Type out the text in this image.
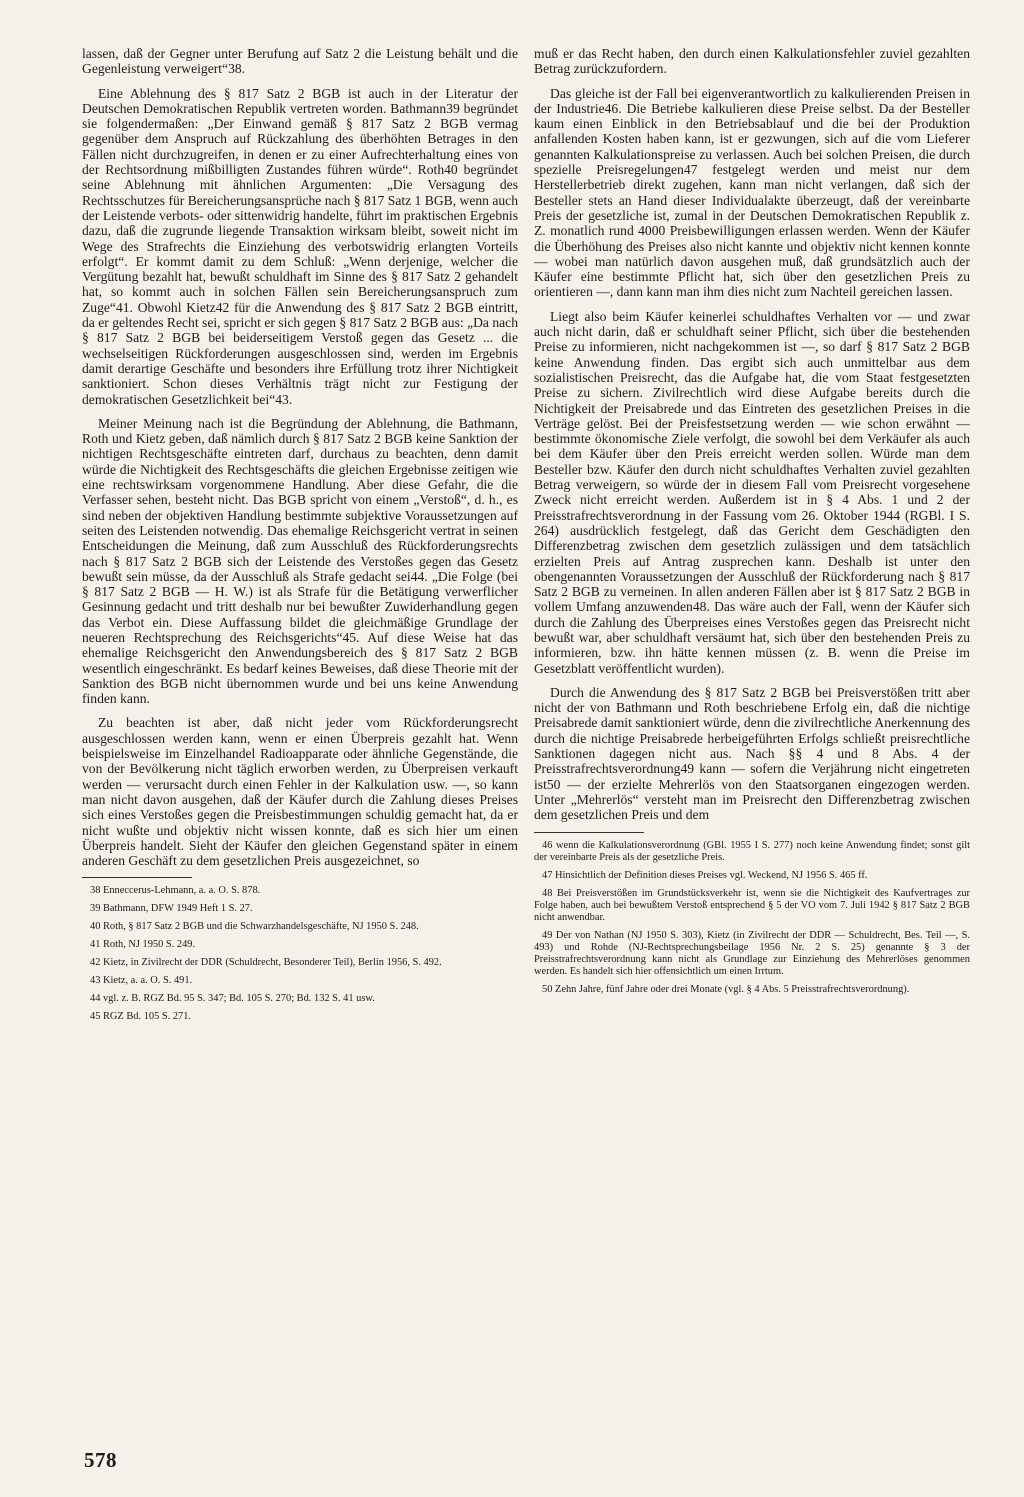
lassen, daß der Gegner unter Berufung auf Satz 2 die Leistung behält und die Gegenleistung verweigert“38.

Eine Ablehnung des § 817 Satz 2 BGB ist auch in der Literatur der Deutschen Demokratischen Republik vertreten worden. Bathmann39 begründet sie folgendermaßen: „Der Einwand gemäß § 817 Satz 2 BGB vermag gegenüber dem Anspruch auf Rückzahlung des überhöhten Betrages in den Fällen nicht durchzugreifen, in denen er zu einer Aufrechterhaltung eines von der Rechtsordnung mißbilligten Zustandes führen würde“. Roth40 begründet seine Ablehnung mit ähnlichen Argumenten: „Die Versagung des Rechtsschutzes für Bereicherungsansprüche nach § 817 Satz 1 BGB, wenn auch der Leistende verbots- oder sittenwidrig handelte, führt im praktischen Ergebnis dazu, daß die zugrunde liegende Transaktion wirksam bleibt, soweit nicht im Wege des Strafrechts die Einziehung des verbotswidrig erlangten Vorteils erfolgt“. Er kommt damit zu dem Schluß: „Wenn derjenige, welcher die Vergütung bezahlt hat, bewußt schuldhaft im Sinne des § 817 Satz 2 gehandelt hat, so kommt auch in solchen Fällen sein Bereicherungsanspruch zum Zuge“41. Obwohl Kietz42 für die Anwendung des § 817 Satz 2 BGB eintritt, da er geltendes Recht sei, spricht er sich gegen § 817 Satz 2 BGB aus: „Da nach § 817 Satz 2 BGB bei beiderseitigem Verstoß gegen das Gesetz ... die wechselseitigen Rückforderungen ausgeschlossen sind, werden im Ergebnis damit derartige Geschäfte und besonders ihre Erfüllung trotz ihrer Nichtigkeit sanktioniert. Schon dieses Verhältnis trägt nicht zur Festigung der demokratischen Gesetzlichkeit bei“43.

Meiner Meinung nach ist die Begründung der Ablehnung, die Bathmann, Roth und Kietz geben, daß nämlich durch § 817 Satz 2 BGB keine Sanktion der nichtigen Rechtsgeschäfte eintreten darf, durchaus zu beachten, denn damit würde die Nichtigkeit des Rechtsgeschäfts die gleichen Ergebnisse zeitigen wie eine rechtswirksam vorgenommene Handlung. Aber diese Gefahr, die die Verfasser sehen, besteht nicht. Das BGB spricht von einem „Verstoß“, d. h., es sind neben der objektiven Handlung bestimmte subjektive Voraussetzungen auf seiten des Leistenden notwendig. Das ehemalige Reichsgericht vertrat in seinen Entscheidungen die Meinung, daß zum Ausschluß des Rückforderungsrechts nach § 817 Satz 2 BGB sich der Leistende des Verstoßes gegen das Gesetz bewußt sein müsse, da der Ausschluß als Strafe gedacht sei44. „Die Folge (bei § 817 Satz 2 BGB — H. W.) ist als Strafe für die Betätigung verwerflicher Gesinnung gedacht und tritt deshalb nur bei bewußter Zuwiderhandlung gegen das Verbot ein. Diese Auffassung bildet die gleichmäßige Grundlage der neueren Rechtsprechung des Reichsgerichts“45. Auf diese Weise hat das ehemalige Reichsgericht den Anwendungsbereich des § 817 Satz 2 BGB wesentlich eingeschränkt. Es bedarf keines Beweises, daß diese Theorie mit der Sanktion des BGB nicht übernommen wurde und bei uns keine Anwendung finden kann.

Zu beachten ist aber, daß nicht jeder vom Rückforderungsrecht ausgeschlossen werden kann, wenn er einen Überpreis gezahlt hat. Wenn beispielsweise im Einzelhandel Radioapparate oder ähnliche Gegenstände, die von der Bevölkerung nicht täglich erworben werden, zu Überpreisen verkauft werden — verursacht durch einen Fehler in der Kalkulation usw. —, so kann man nicht davon ausgehen, daß der Käufer durch die Zahlung dieses Preises sich eines Verstoßes gegen die Preisbestimmungen schuldig gemacht hat, da er nicht wußte und objektiv nicht wissen konnte, daß es sich hier um einen Überpreis handelt. Sieht der Käufer den gleichen Gegenstand später in einem anderen Geschäft zu dem gesetzlichen Preis ausgezeichnet, so

38 Enneccerus-Lehmann, a. a. O. S. 878.
39 Bathmann, DFW 1949 Heft 1 S. 27.
40 Roth, § 817 Satz 2 BGB und die Schwarzhandelsgeschäfte, NJ 1950 S. 248.
41 Roth, NJ 1950 S. 249.
42 Kietz, in Zivilrecht der DDR (Schuldrecht, Besonderer Teil), Berlin 1956, S. 492.
43 Kietz, a. a. O. S. 491.
44 vgl. z. B. RGZ Bd. 95 S. 347; Bd. 105 S. 270; Bd. 132 S. 41 usw.
45 RGZ Bd. 105 S. 271.

muß er das Recht haben, den durch einen Kalkulationsfehler zuviel gezahlten Betrag zurückzufordern.

Das gleiche ist der Fall bei eigenverantwortlich zu kalkulierenden Preisen in der Industrie46. Die Betriebe kalkulieren diese Preise selbst. Da der Besteller kaum einen Einblick in den Betriebsablauf und die bei der Produktion anfallenden Kosten haben kann, ist er gezwungen, sich auf die vom Lieferer genannten Kalkulationspreise zu verlassen. Auch bei solchen Preisen, die durch spezielle Preisregelungen47 festgelegt werden und meist nur dem Herstellerbetrieb direkt zugehen, kann man nicht verlangen, daß sich der Besteller stets an Hand dieser Individualakte überzeugt, daß der vereinbarte Preis der gesetzliche ist, zumal in der Deutschen Demokratischen Republik z. Z. monatlich rund 4000 Preisbewilligungen erlassen werden. Wenn der Käufer die Überhöhung des Preises also nicht kannte und objektiv nicht kennen konnte — wobei man natürlich davon ausgehen muß, daß grundsätzlich auch der Käufer eine bestimmte Pflicht hat, sich über den gesetzlichen Preis zu orientieren —, dann kann man ihm dies nicht zum Nachteil gereichen lassen.

Liegt also beim Käufer keinerlei schuldhaftes Verhalten vor — und zwar auch nicht darin, daß er schuldhaft seiner Pflicht, sich über die bestehenden Preise zu informieren, nicht nachgekommen ist —, so darf § 817 Satz 2 BGB keine Anwendung finden. Das ergibt sich auch unmittelbar aus dem sozialistischen Preisrecht, das die Aufgabe hat, die vom Staat festgesetzten Preise zu sichern. Zivilrechtlich wird diese Aufgabe bereits durch die Nichtigkeit der Preisabrede und das Eintreten des gesetzlichen Preises in die Verträge gelöst. Bei der Preisfestsetzung werden — wie schon erwähnt — bestimmte ökonomische Ziele verfolgt, die sowohl bei dem Verkäufer als auch bei dem Käufer über den Preis erreicht werden sollen. Würde man dem Besteller bzw. Käufer den durch nicht schuldhaftes Verhalten zuviel gezahlten Betrag verweigern, so würde der in diesem Fall vom Preisrecht vorgesehene Zweck nicht erreicht werden. Außerdem ist in § 4 Abs. 1 und 2 der Preisstrafrechtsverordnung in der Fassung vom 26. Oktober 1944 (RGBl. I S. 264) ausdrücklich festgelegt, daß das Gericht dem Geschädigten den Differenzbetrag zwischen dem gesetzlich zulässigen und dem tatsächlich erzielten Preis auf Antrag zusprechen kann. Deshalb ist unter den obengenannten Voraussetzungen der Ausschluß der Rückforderung nach § 817 Satz 2 BGB zu verneinen. In allen anderen Fällen aber ist § 817 Satz 2 BGB in vollem Umfang anzuwenden48. Das wäre auch der Fall, wenn der Käufer sich durch die Zahlung des Überpreises eines Verstoßes gegen das Preisrecht nicht bewußt war, aber schuldhaft versäumt hat, sich über den bestehenden Preis zu informieren, bzw. ihn hätte kennen müssen (z. B. wenn die Preise im Gesetzblatt veröffentlicht wurden).

Durch die Anwendung des § 817 Satz 2 BGB bei Preisverstößen tritt aber nicht der von Bathmann und Roth beschriebene Erfolg ein, daß die nichtige Preisabrede damit sanktioniert würde, denn die zivilrechtliche Anerkennung des durch die nichtige Preisabrede herbeigeführten Erfolgs schließt preisrechtliche Sanktionen dagegen nicht aus. Nach §§ 4 und 8 Abs. 4 der Preisstrafrechtsverordnung49 kann — sofern die Verjährung nicht eingetreten ist50 — der erzielte Mehrerlös von den Staatsorganen eingezogen werden. Unter „Mehrerlös“ versteht man im Preisrecht den Differenzbetrag zwischen dem gesetzlichen Preis und dem

46 wenn die Kalkulationsverordnung (GBl. 1955 I S. 277) noch keine Anwendung findet; sonst gilt der vereinbarte Preis als der gesetzliche Preis.
47 Hinsichtlich der Definition dieses Preises vgl. Weckend, NJ 1956 S. 465 ff.
48 Bei Preisverstößen im Grundstücksverkehr ist, wenn sie die Nichtigkeit des Kaufvertrages zur Folge haben, auch bei bewußtem Verstoß entsprechend § 5 der VO vom 7. Juli 1942 § 817 Satz 2 BGB nicht anwendbar.
49 Der von Nathan (NJ 1950 S. 303), Kietz (in Zivilrecht der DDR — Schuldrecht, Bes. Teil —, S. 493) und Rohde (NJ-Rechtsprechungsbeilage 1956 Nr. 2 S. 25) genannte § 3 der Preisstrafrechtsverordnung kann nicht als Grundlage zur Einziehung des Mehrerlöses genommen werden. Es handelt sich hier offensichtlich um einen Irrtum.
50 Zehn Jahre, fünf Jahre oder drei Monate (vgl. § 4 Abs. 5 Preisstrafrechtsverordnung).
578
